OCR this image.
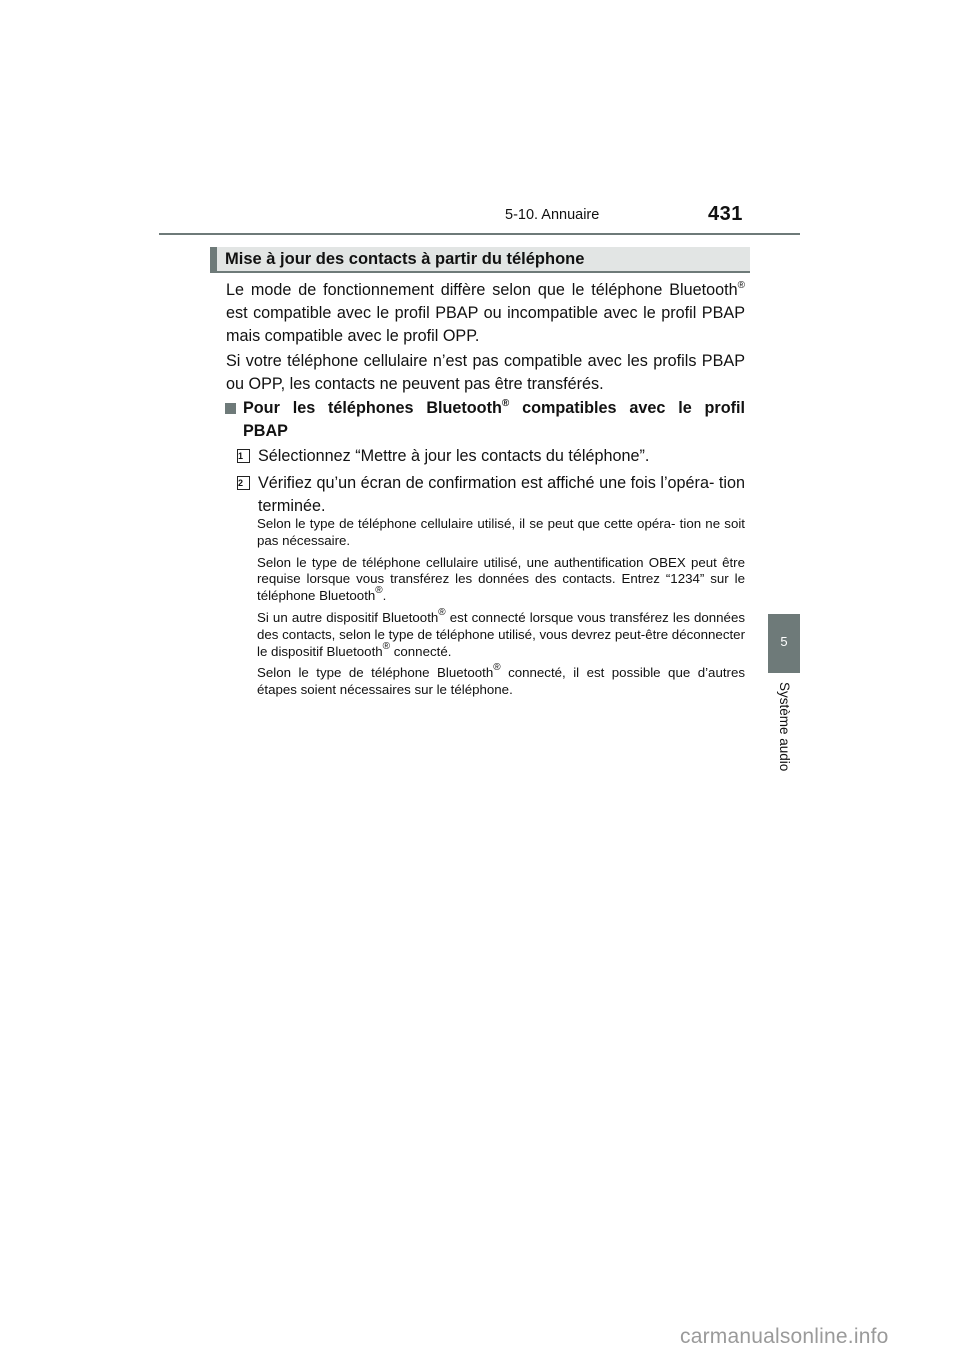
5-10. Annuaire	431
Mise à jour des contacts à partir du téléphone
Le mode de fonctionnement diffère selon que le téléphone Bluetooth® est compatible avec le profil PBAP ou incompatible avec le profil PBAP mais compatible avec le profil OPP.
Si votre téléphone cellulaire n’est pas compatible avec les profils PBAP ou OPP, les contacts ne peuvent pas être transférés.
Pour les téléphones Bluetooth® compatibles avec le profil PBAP
1 Sélectionnez “Mettre à jour les contacts du téléphone”.
2 Vérifiez qu’un écran de confirmation est affiché une fois l’opéra- tion terminée.

Selon le type de téléphone cellulaire utilisé, il se peut que cette opéra- tion ne soit pas nécessaire.

Selon le type de téléphone cellulaire utilisé, une authentification OBEX peut être requise lorsque vous transférez les données des contacts. Entrez “1234” sur le téléphone Bluetooth®.

Si un autre dispositif Bluetooth® est connecté lorsque vous transférez les données des contacts, selon le type de téléphone utilisé, vous devrez peut-être déconnecter le dispositif Bluetooth® connecté.

Selon le type de téléphone Bluetooth® connecté, il est possible que d’autres étapes soient nécessaires sur le téléphone.

5
Système audio
carmanualsonline.info
